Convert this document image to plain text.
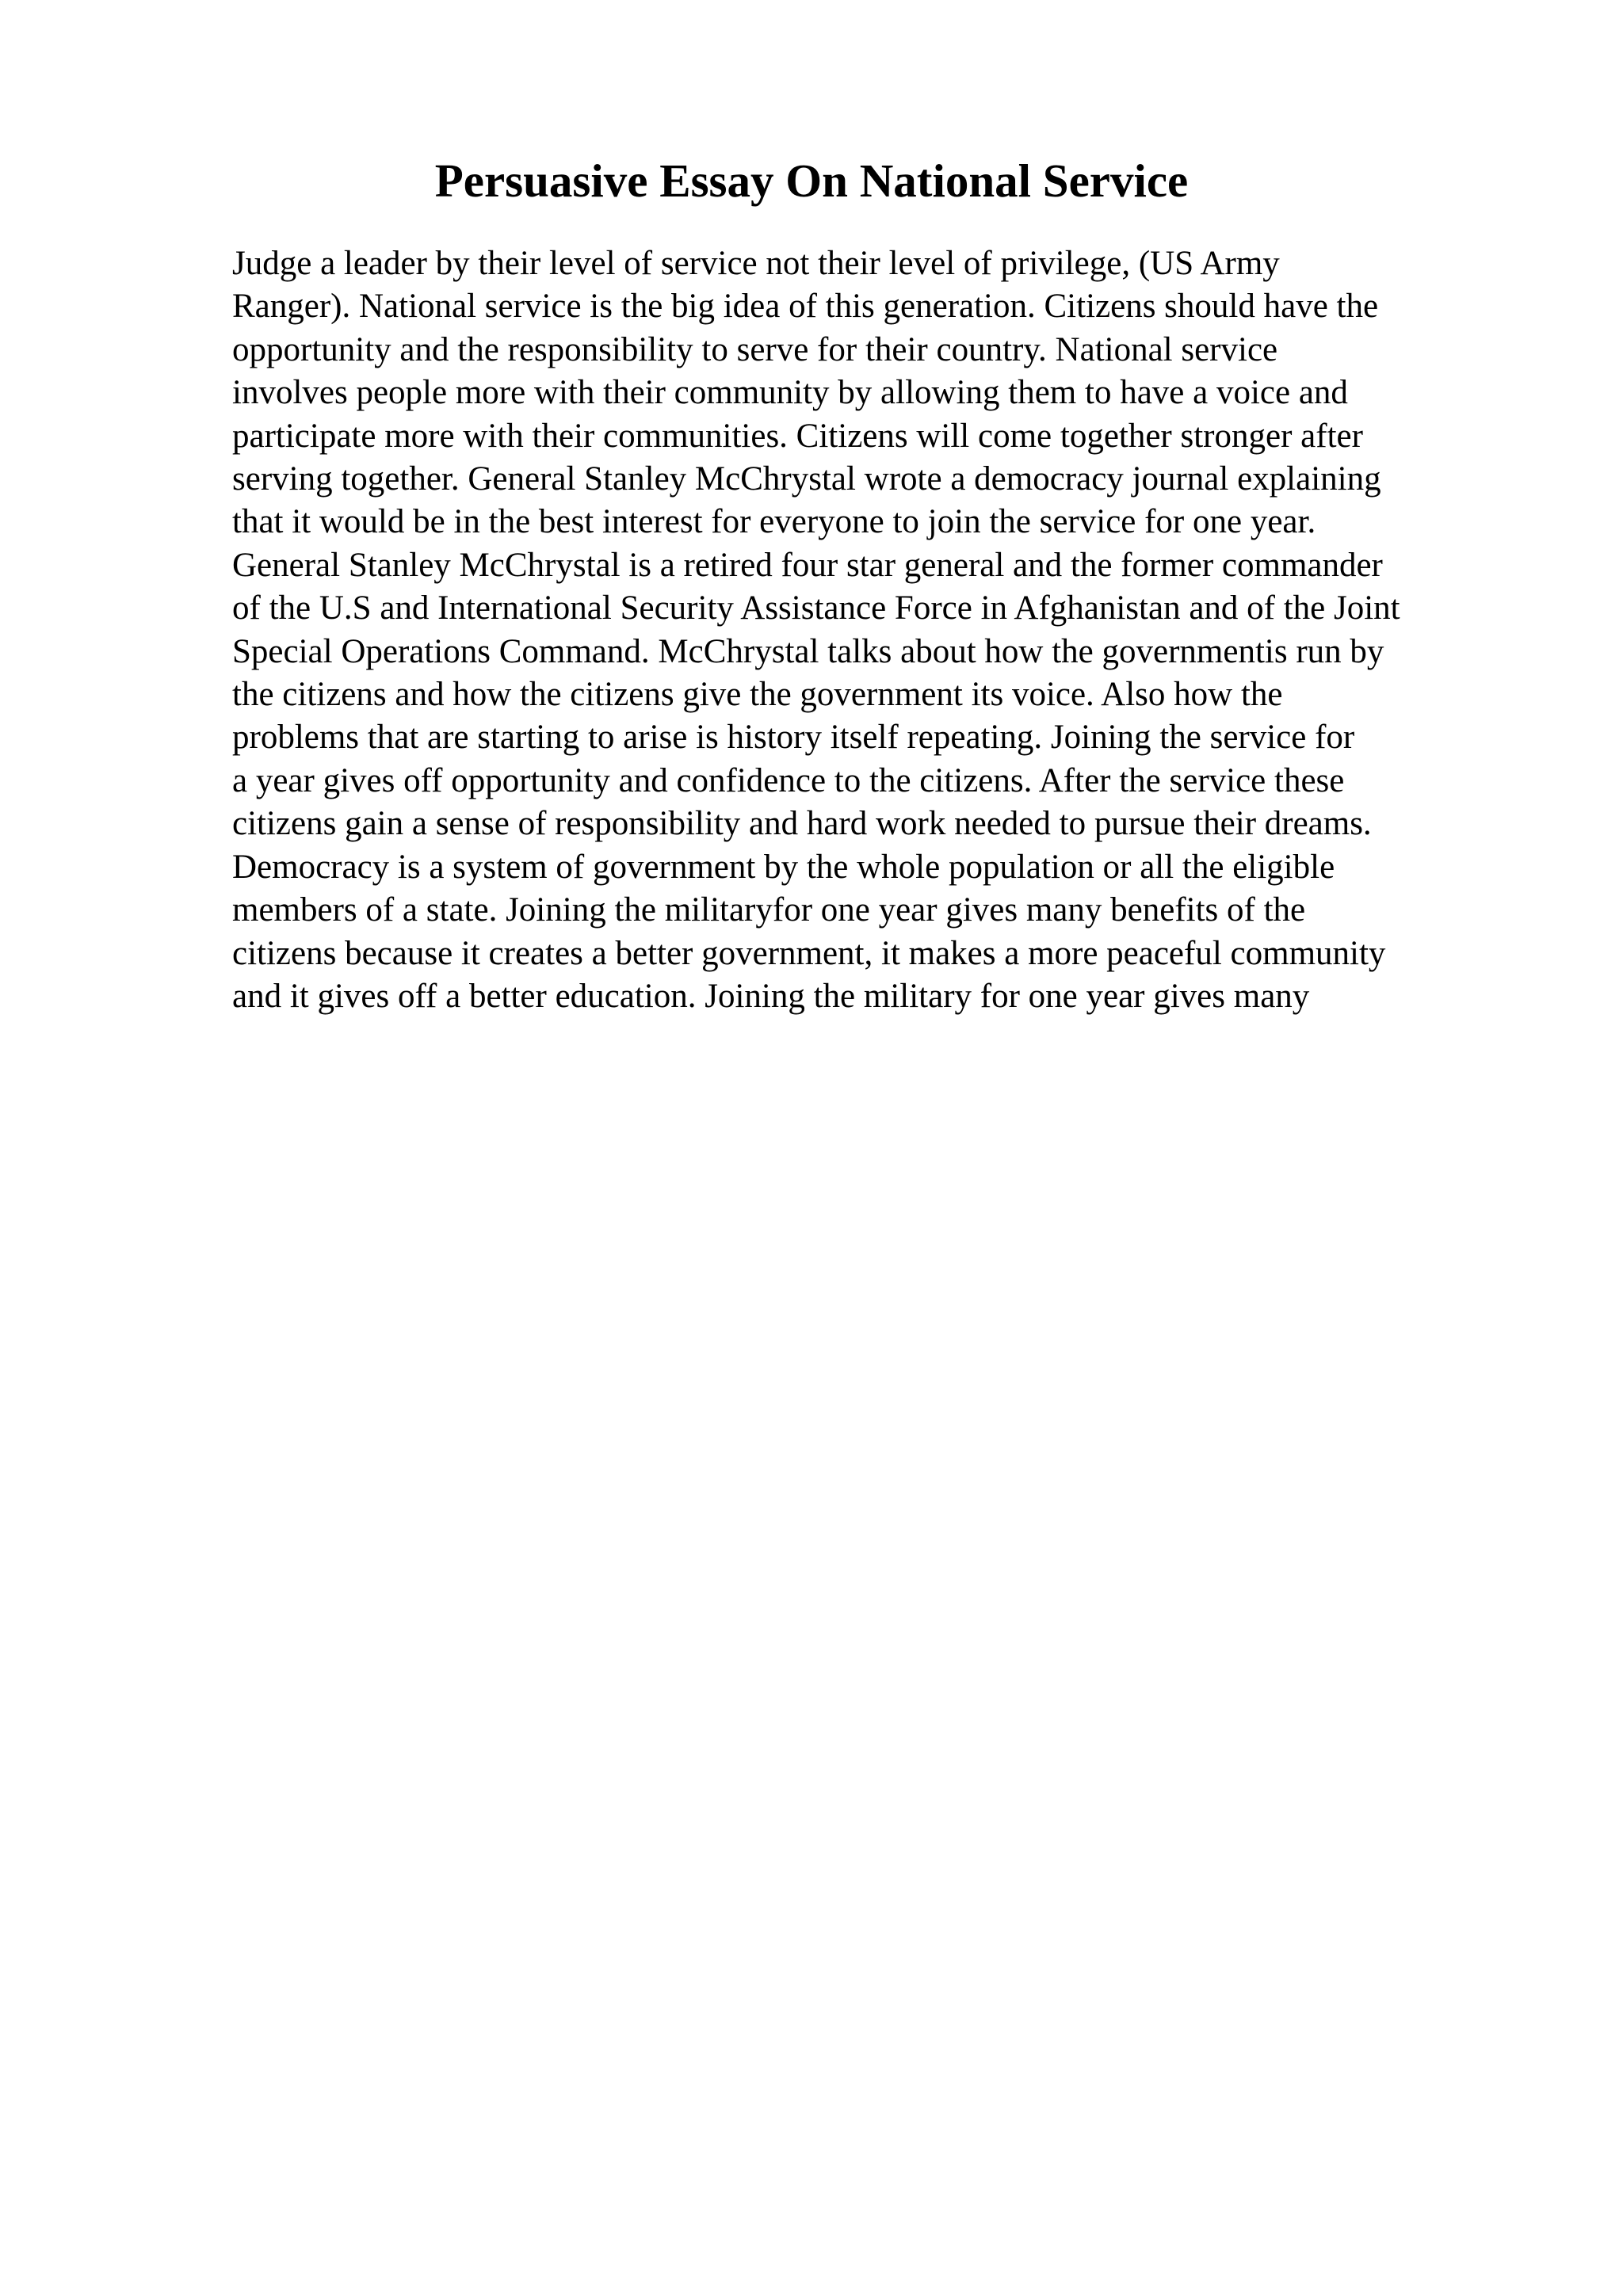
Persuasive Essay On National Service
Judge a leader by their level of service not their level of privilege, (US Army
Ranger). National service is the big idea of this generation. Citizens should have the
opportunity and the responsibility to serve for their country. National service
involves people more with their community by allowing them to have a voice and
participate more with their communities. Citizens will come together stronger after
serving together. General Stanley McChrystal wrote a democracy journal explaining
that it would be in the best interest for everyone to join the service for one year.
General Stanley McChrystal is a retired four star general and the former commander
of the U.S and International Security Assistance Force in Afghanistan and of the Joint
Special Operations Command. McChrystal talks about how the governmentis run by
the citizens and how the citizens give the government its voice. Also how the
problems that are starting to arise is history itself repeating. Joining the service for
a year gives off opportunity and confidence to the citizens. After the service these
citizens gain a sense of responsibility and hard work needed to pursue their dreams.
Democracy is a system of government by the whole population or all the eligible
members of a state. Joining the militaryfor one year gives many benefits of the
citizens because it creates a better government, it makes a more peaceful community
and it gives off a better education. Joining the military for one year gives many
